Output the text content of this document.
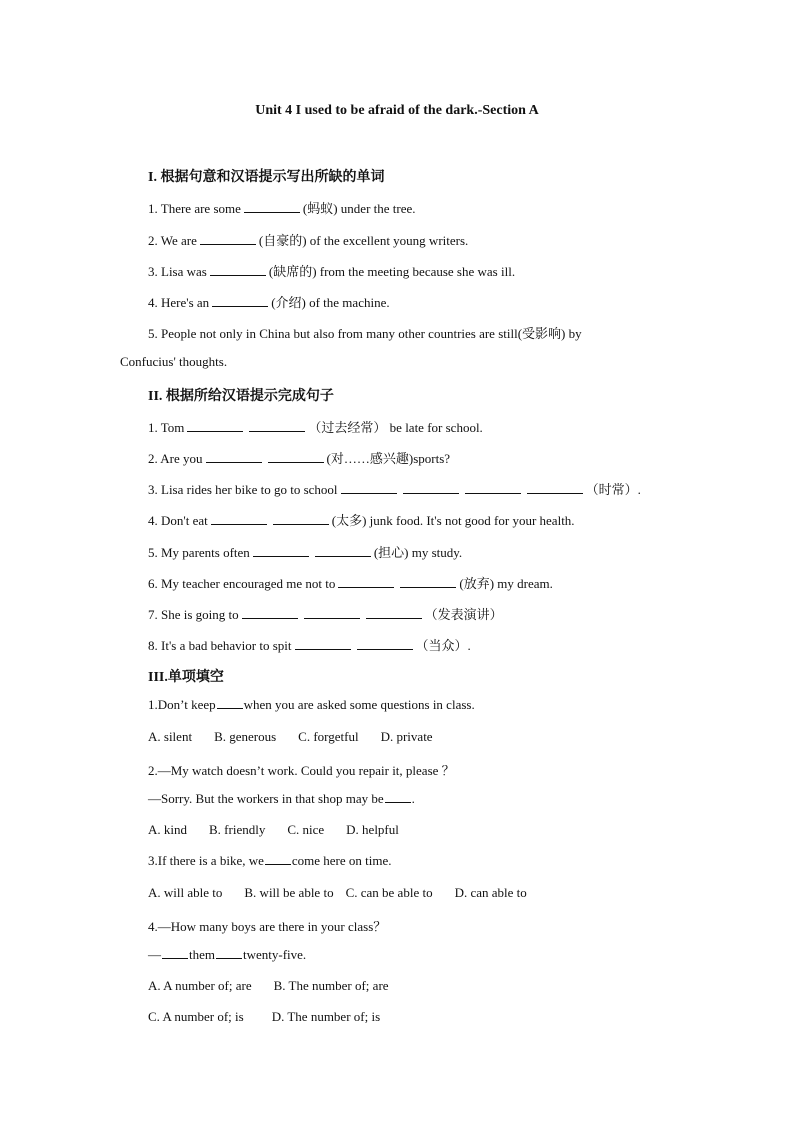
Unit 4 I used to be afraid of the dark.-Section A
I. 根据句意和汉语提示写出所缺的单词
1. There are some	(蚂蚁) under the tree.
2. We are	(自豪的) of the excellent young writers.
3. Lisa was	(缺席的) from the meeting because she was ill.
4. Here's an	(介绍) of the machine.
5. People not only in China but also from many other countries are still(受影响) by
Confucius' thoughts.
II. 根据所给汉语提示完成句子
1. Tom	（过去经常） be late for school.
2. Are you	(对……感兴趣)sports?
3. Lisa rides her bike to go to school	（时常）.
4. Don't eat	(太多) junk food. It's not good for your health.
5. My parents often	(担心) my study.
6. My teacher encouraged me not to	(放弃) my dream.
7. She is going to	（发表演讲）
8. It's a bad behavior to spit	（当众）.
III.单项填空
1.Don’t keep when you are asked some questions in class.
A. silent B. generous C. forgetful D. private
2.—My watch doesn’t work. Could you repair it, please ？
—Sorry. But the workers in that shop may be .
A. kind B. friendly C. nice D. helpful
3.If there is a bike, we come here on time.
A. will able to B. will be able to C. can be able to D. can able to
4.—How many boys are there in your class？
— them twenty-five.
A. A number of; are B. The number of; are
C. A number of; is D. The number of; is
